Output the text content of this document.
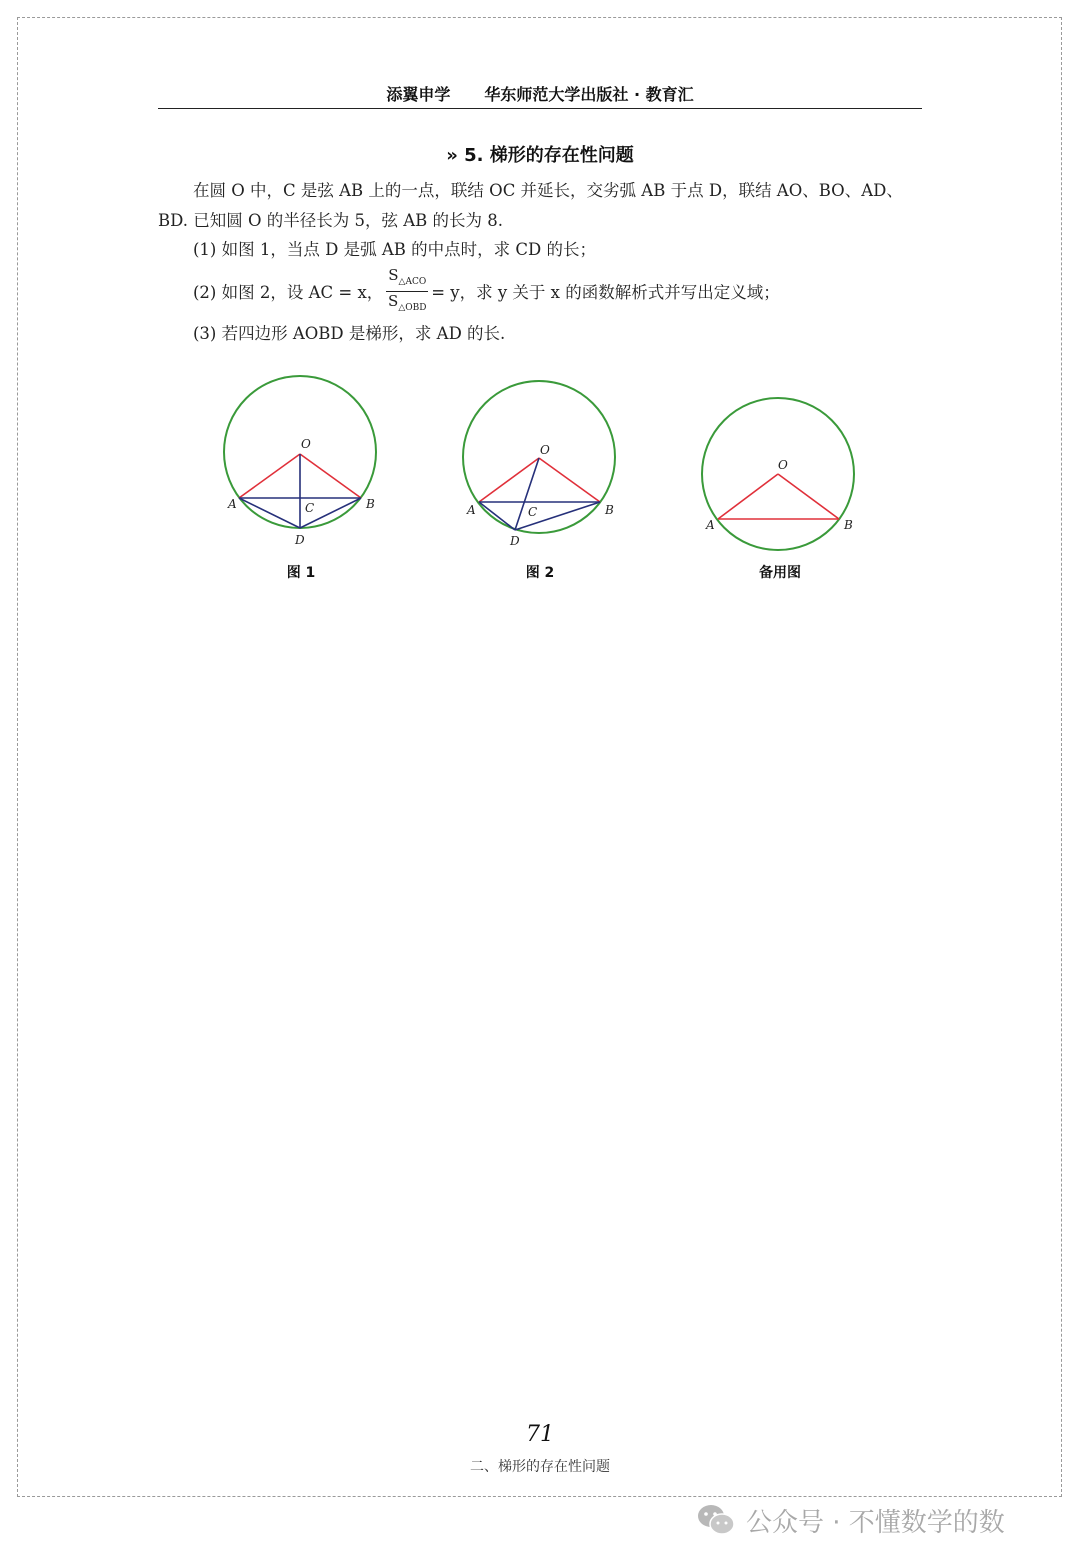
添翼申学 华东师范大学出版社 · 教育汇
» 5. 梯形的存在性问题
在圆 O 中，C 是弦 AB 上的一点，联结 OC 并延长，交劣弧 AB 于点 D，联结 AO、BO、AD、BD. 已知圆 O 的半径长为 5，弦 AB 的长为 8.
(1) 如图 1，当点 D 是弧 AB 的中点时，求 CD 的长；
(2) 如图 2，设 AC = x， $\frac{S_{\triangle ACO}}{S_{\triangle OBD}} = y$，求 y 关于 x 的函数解析式并写出定义域；
(3) 若四边形 AOBD 是梯形，求 AD 的长.
O
A	B
C
D
图 1
O
A	B
C
D
图 2
O
A	B
备用图
71
二、梯形的存在性问题
公众号 · 不懂数学的数
